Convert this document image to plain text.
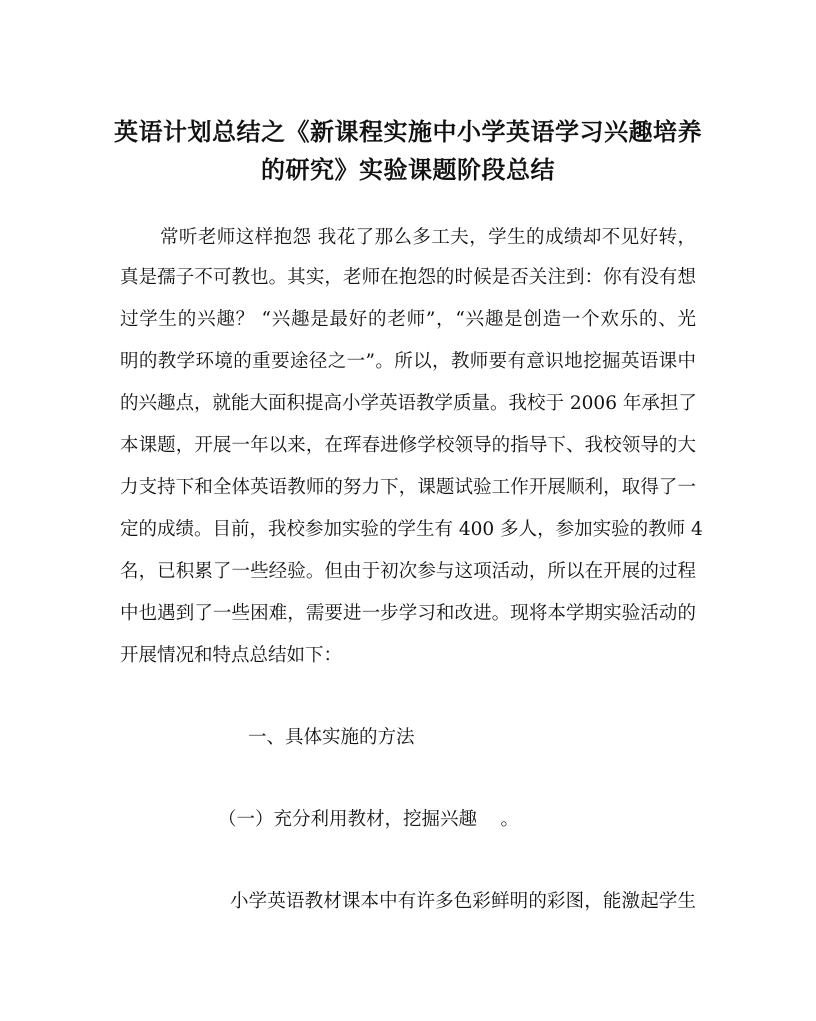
英语计划总结之《新课程实施中小学英语学习兴趣培养
的研究》实验课题阶段总结
常听老师这样抱怨 我花了那么多工夫，学生的成绩却不见好转，
真是孺子不可教也。其实，老师在抱怨的时候是否关注到：你有没有想
过学生的兴趣？ “兴趣是最好的老师”，“兴趣是创造一个欢乐的、光
明的教学环境的重要途径之一”。所以，教师要有意识地挖掘英语课中
的兴趣点，就能大面积提高小学英语教学质量。我校于 2006 年承担了
本课题，开展一年以来，在珲春进修学校领导的指导下、我校领导的大
力支持下和全体英语教师的努力下，课题试验工作开展顺利，取得了一
定的成绩。目前，我校参加实验的学生有 400 多人，参加实验的教师 4
名，已积累了一些经验。但由于初次参与这项活动，所以在开展的过程
中也遇到了一些困难，需要进一步学习和改进。现将本学期实验活动的
开展情况和特点总结如下：
一、具体实施的方法
（一）充分利用教材，挖掘兴趣    。
小学英语教材课本中有许多色彩鲜明的彩图，能激起学生
